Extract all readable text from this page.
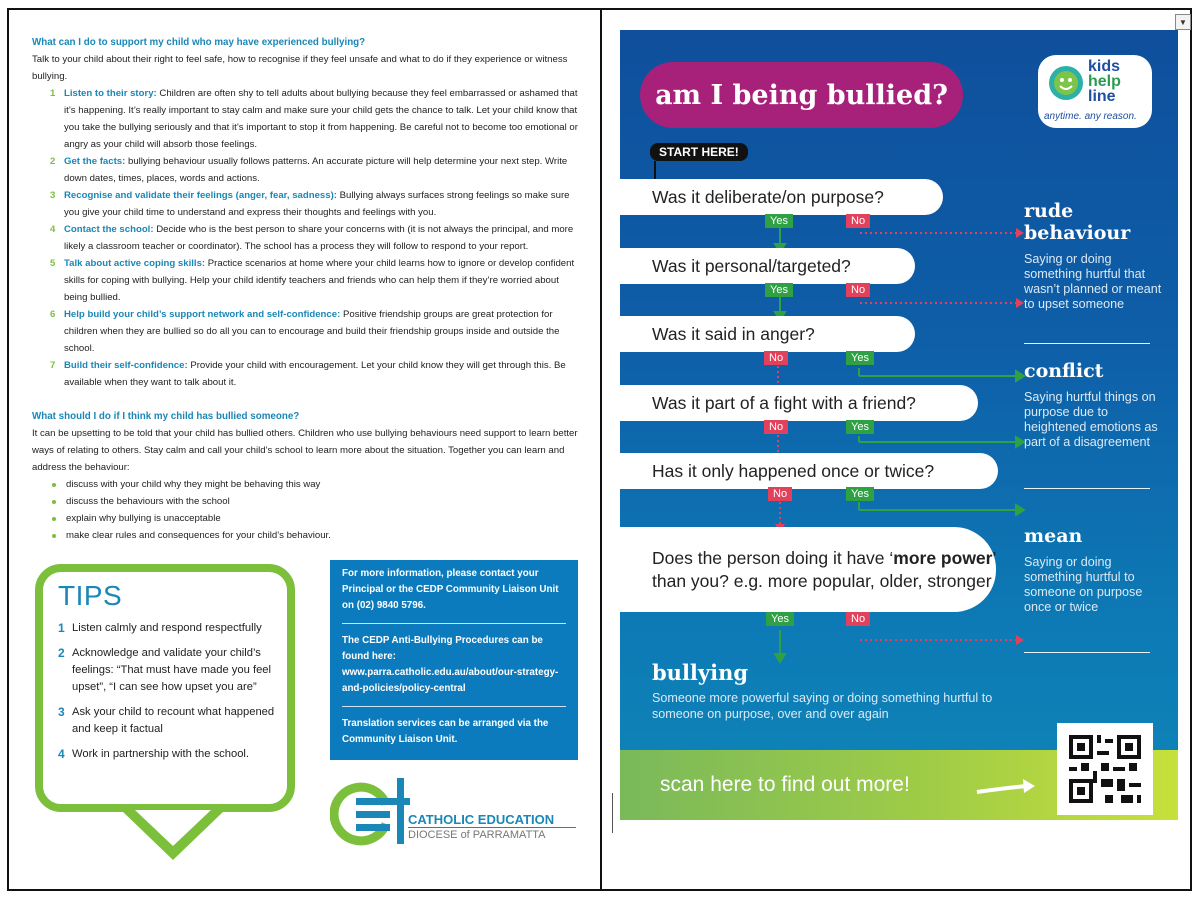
▼
What can I do to support my child who may have experienced bullying?

Talk to your child about their right to feel safe, how to recognise if they feel unsafe and what to do if they experience or witness bullying.

1 Listen to their story: Children are often shy to tell adults about bullying because they feel embarrassed or ashamed that it’s happening. It’s really important to stay calm and make sure your child gets the chance to talk. Let your child know that you take the bullying seriously and that it’s important to stop it from happening. Be careful not to become too emotional or angry as your child will absorb those feelings.
2 Get the facts: bullying behaviour usually follows patterns. An accurate picture will help determine your next step. Write down dates, times, places, words and actions.
3 Recognise and validate their feelings (anger, fear, sadness): Bullying always surfaces strong feelings so make sure you give your child time to understand and express their thoughts and feelings with you.
4 Contact the school: Decide who is the best person to share your concerns with (it is not always the principal, and more likely a classroom teacher or coordinator). The school has a process they will follow to respond to your report.
5 Talk about active coping skills: Practice scenarios at home where your child learns how to ignore or develop confident skills for coping with bullying. Help your child identify teachers and friends who can help them if they’re worried about being bullied.
6 Help build your child’s support network and self-confidence: Positive friendship groups are great protection for children when they are bullied so do all you can to encourage and build their friendship groups inside and outside the school.
7 Build their self-confidence: Provide your child with encouragement. Let your child know they will get through this. Be available when they want to talk about it.
What should I do if I think my child has bullied someone?

It can be upsetting to be told that your child has bullied others. Children who use bullying behaviours need support to learn better ways of relating to others. Stay calm and call your child’s school to learn more about the situation. Together you can learn and address the behaviour:

discuss with your child why they might be behaving this way
discuss the behaviours with the school
explain why bullying is unacceptable
make clear rules and consequences for your child’s behaviour.
TIPS
1 Listen calmly and respond respectfully
2 Acknowledge and validate your child’s feelings: “That must have made you feel upset”, “I can see how upset you are”
3 Ask your child to recount what happened and keep it factual
4 Work in partnership with the school.
For more information, please contact your Principal or the CEDP Community Liaison Unit on (02) 9840 5796.
The CEDP Anti-Bullying Procedures can be found here: www.parra.catholic.edu.au/about/our-strategy-and-policies/policy-central
Translation services can be arranged via the Community Liaison Unit.
CATHOLIC EDUCATION
DIOCESE of PARRAMATTA
am I being bullied?
kids
help
line
anytime. any reason.
START HERE!
Was it deliberate/on purpose?
Yes	No
Was it personal/targeted?
Yes	No
Was it said in anger?
No	Yes
Was it part of a fight with a friend?
No	Yes
Has it only happened once or twice?
No	Yes
Does the person doing it have ‘more power’ than you? e.g. more popular, older, stronger
Yes	No
rude behaviour
Saying or doing something hurtful that wasn’t planned or meant to upset someone
conflict
Saying hurtful things on purpose due to heightened emotions as part of a disagreement
mean
Saying or doing something hurtful to someone on purpose once or twice
bullying
Someone more powerful saying or doing something hurtful to someone on purpose, over and over again
scan here to find out more!
